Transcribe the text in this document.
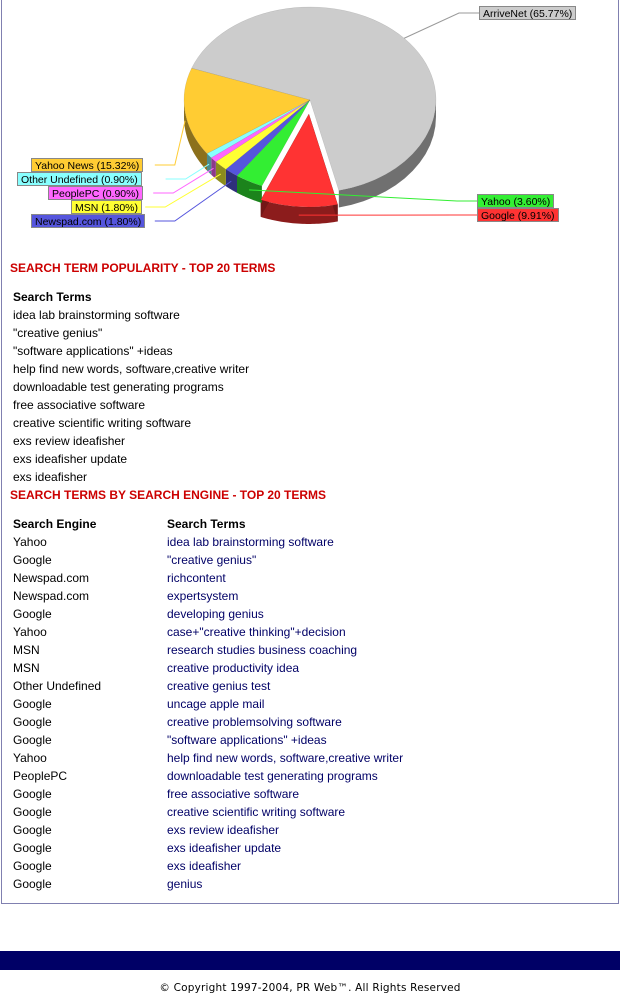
ArriveNet (65.77%)
Google (9.91%)
Yahoo (3.60%)
Newspad.com (1.80%)
MSN (1.80%)
PeoplePC (0.90%)
Other Undefined (0.90%)
Yahoo News (15.32%)
SEARCH TERM POPULARITY - TOP 20 TERMS
Search Terms
idea lab brainstorming software
"creative genius"
"software applications" +ideas
help find new words, software,creative writer
downloadable test generating programs
free associative software
creative scientific writing software
exs review ideafisher
exs ideafisher update
exs ideafisher
SEARCH TERMS BY SEARCH ENGINE - TOP 20 TERMS
Search Engine	Search Terms
Yahoo	idea lab brainstorming software
Google	"creative genius"
Newspad.com	richcontent
Newspad.com	expertsystem
Google	developing genius
Yahoo	case+"creative thinking"+decision
MSN	research studies business coaching
MSN	creative productivity idea
Other Undefined	creative genius test
Google	uncage apple mail
Google	creative problemsolving software
Google	"software applications" +ideas
Yahoo	help find new words, software,creative writer
PeoplePC	downloadable test generating programs
Google	free associative software
Google	creative scientific writing software
Google	exs review ideafisher
Google	exs ideafisher update
Google	exs ideafisher
Google	genius
© Copyright 1997-2004, PR Web™. All Rights Reserved
